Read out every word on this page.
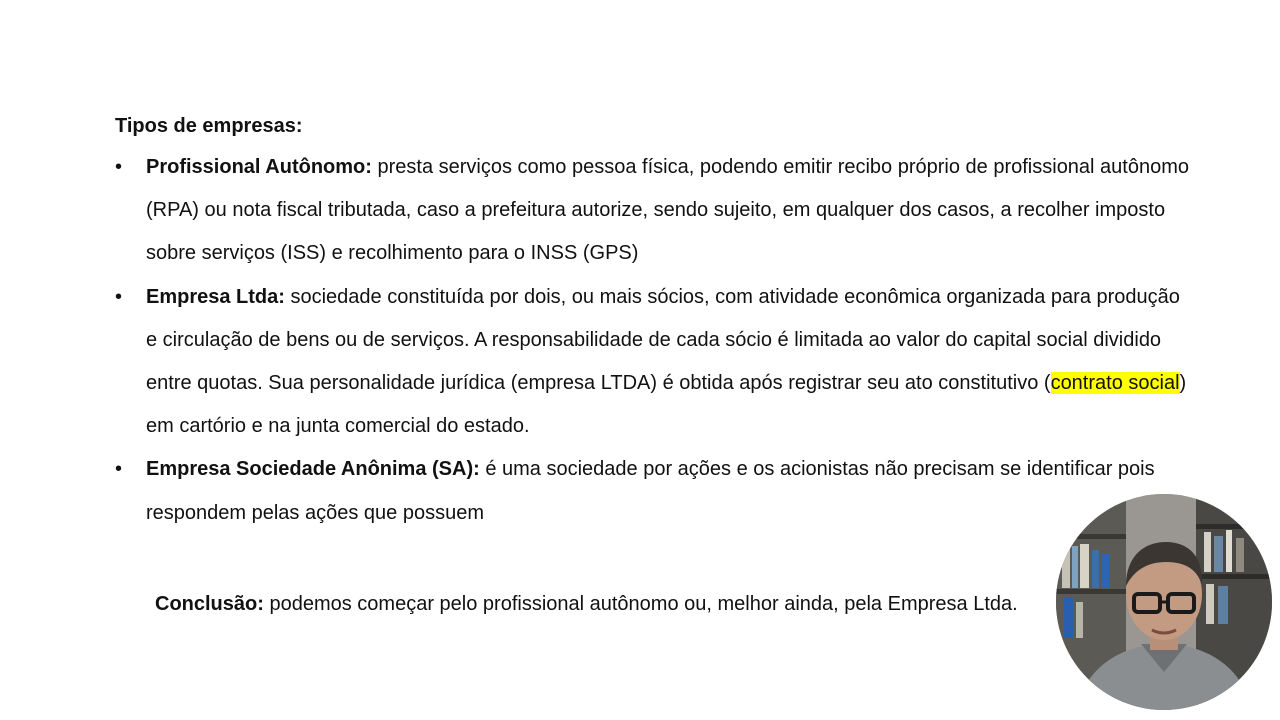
Tipos de empresas:

• Profissional Autônomo: presta serviços como pessoa física, podendo emitir recibo próprio de profissional autônomo (RPA) ou nota fiscal tributada, caso a prefeitura autorize, sendo sujeito, em qualquer dos casos, a recolher imposto sobre serviços (ISS) e recolhimento para o INSS (GPS)
• Empresa Ltda: sociedade constituída por dois, ou mais sócios, com atividade econômica organizada para produção e circulação de bens ou de serviços. A responsabilidade de cada sócio é limitada ao valor do capital social dividido entre quotas. Sua personalidade jurídica (empresa LTDA) é obtida após registrar seu ato constitutivo (contrato social) em cartório e na junta comercial do estado.
• Empresa Sociedade Anônima (SA): é uma sociedade por ações e os acionistas não precisam se identificar pois respondem pelas ações que possuem

Conclusão: podemos começar pelo profissional autônomo ou, melhor ainda, pela Empresa Ltda.
